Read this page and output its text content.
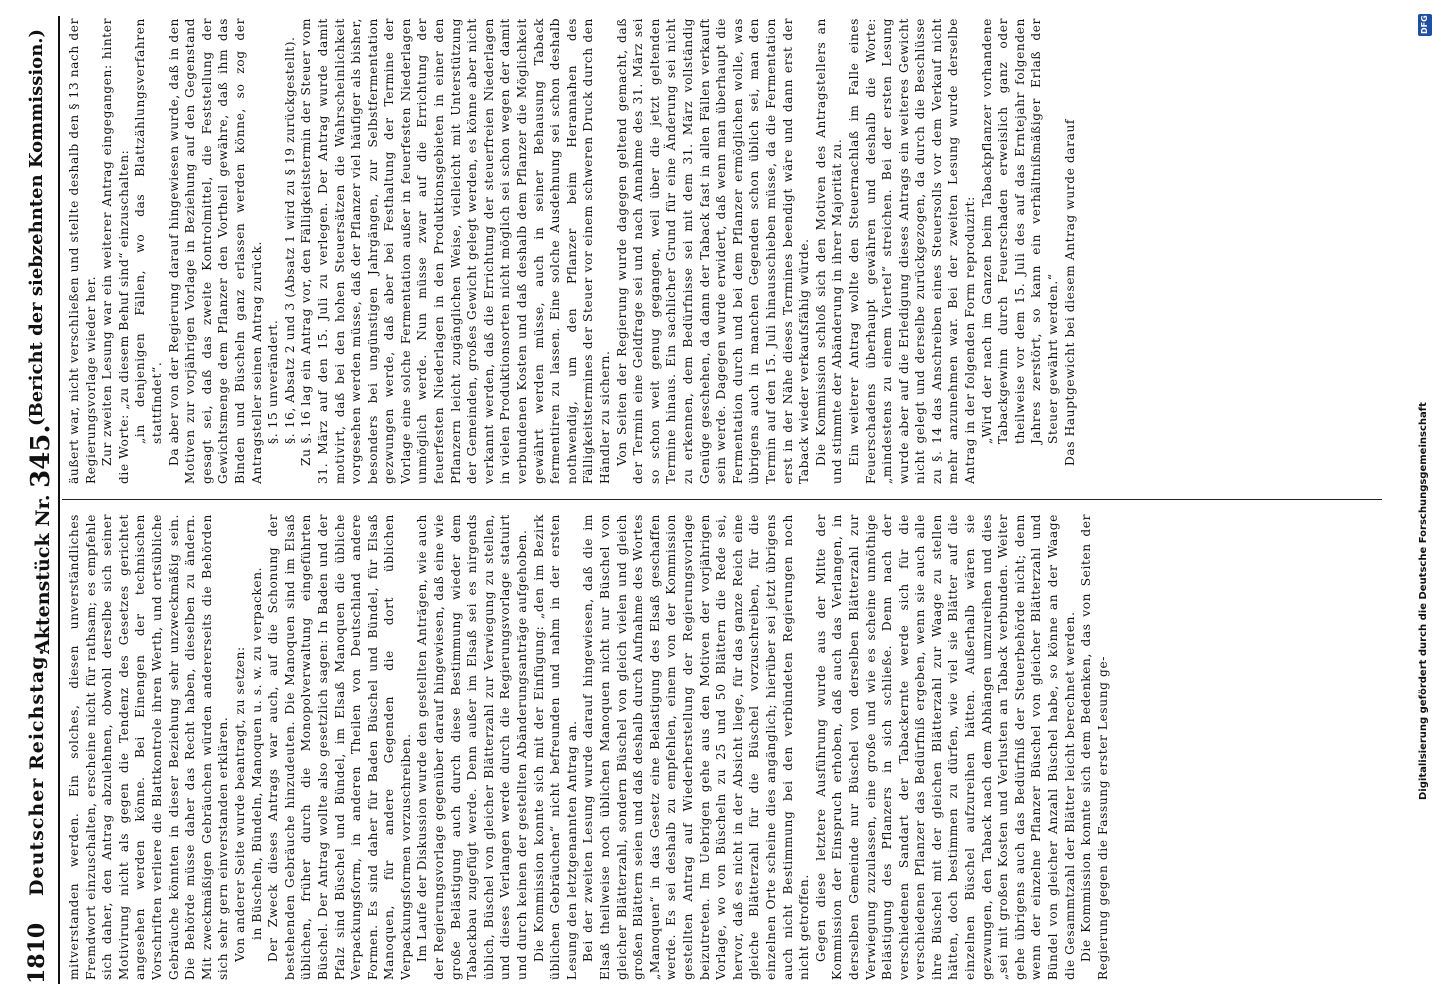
1810
Deutscher Reichstag.
Aktenstück Nr. 345.
(Bericht der siebzehnten Kommission.)

mitverstanden werden. Ein solches, diesen unverständliches Fremdwort einzuschalten, erscheine nicht für rathsam; es empfehle sich daher, den Antrag abzulehnen, obwohl derselbe sich seiner Motivirung nicht als gegen die Tendenz des Gesetzes gerichtet angesehen werden könne. Bei Einengen der technischen Vorschriften verliere die Blattkontrole ihren Werth, und ortsübliche Gebräuche könnten in dieser Beziehung sehr unzweckmäßig sein. Die Behörde müsse daher das Recht haben, dieselben zu ändern. Mit zweckmäßigen Gebräuchen würden andererseits die Behörden sich sehr gern einverstanden erklären. Von anderer Seite wurde beantragt, zu setzen: in Büscheln, Bündeln, Manoquen u. s. w. zu verpacken. Der Zweck dieses Antrags war auch, auf die Schonung der bestehenden Gebräuche hinzudeuten. Die Manoquen sind im Elsaß üblichen, früher durch die Monopolverwaltung eingeführten Büschel. Der Antrag wollte also gesetzlich sagen: In Baden und der Pfalz sind Büschel und Bündel, im Elsaß Manoquen die übliche Verpackungsform, in anderen Theilen von Deutschland andere Formen. Es sind daher für Baden Büschel und Bündel, für Elsaß Manoquen, für andere Gegenden die dort üblichen Verpackungsformen vorzuschreiben. Im Laufe der Diskussion wurde den gestellten Anträgen, wie auch der Regierungsvorlage gegenüber darauf hingewiesen, daß eine wie große Belästigung auch durch diese Bestimmung wieder dem Tabackbau zugefügt werde. Denn außer im Elsaß sei es nirgends üblich, Büschel von gleicher Blätterzahl zur Verwiegung zu stellen, und dieses Verlangen werde durch die Regierungsvorlage statuirt und durch keinen der gestellten Abänderungsanträge aufgehoben. Die Kommission konnte sich mit der Einfügung: „den im Bezirk üblichen Gebräuchen“ nicht befreunden und nahm in der ersten Lesung den letztgenannten Antrag an. Bei der zweiten Lesung wurde darauf hingewiesen, daß die im Elsaß theilweise noch üblichen Manoquen nicht nur Büschel von gleicher Blätterzahl, sondern Büschel von gleich vielen und gleich großen Blättern seien und daß deshalb durch Aufnahme des Wortes „Manoquen“ in das Gesetz eine Belastigung des Elsaß geschaffen werde. Es sei deshalb zu empfehlen, einem von der Kommission gestellten Antrag auf Wiederherstellung der Regierungsvorlage beizutreten. Im Uebrigen gehe aus den Motiven der vorjährigen Vorlage, wo von Büscheln zu 25 und 50 Blättern die Rede sei, hervor, daß es nicht in der Absicht liege, für das ganze Reich eine gleiche Blätterzahl für die Büschel vorzuschreiben, für die einzelnen Orte scheine dies angänglich; hierüber sei jetzt übrigens auch nicht Bestimmung bei den verbündeten Regierungen noch nicht getroffen. Gegen diese letztere Ausführung wurde aus der Mitte der Kommission der Einspruch erhoben, daß auch das Verlangen, in derselben Gemeinde nur Büschel von derselben Blätterzahl zur Verwiegung zuzulassen, eine große und wie es scheine unnöthige Belästigung des Pflanzers in sich schließe. Denn nach der verschiedenen Sandart der Tabackernte werde sich für die verschiedenen Pflanzer das Bedürfniß ergeben, wenn sie auch alle ihre Büschel mit der gleichen Blätterzahl zur Waage zu stellen hätten, doch bestimmen zu dürfen, wie viel sie Blätter auf die einzelnen Büschel aufzureihen hätten. Außerhalb wären sie gezwungen, den Taback nach dem Abhängen umzureihen und dies „sei mit großen Kosten und Verlusten an Taback verbunden. Weiter gehe übrigens auch das Bedürfniß der Steuerbehörde nicht; denn wenn der einzelne Pflanzer Büschel von gleicher Blätterzahl und Bündel von gleicher Anzahl Büschel habe, so könne an der Waage die Gesammtzahl der Blätter leicht berechnet werden. Die Kommission konnte sich dem Bedenken, das von Seiten der Regierung gegen die Fassung erster Lesung ge-

äußert war, nicht verschließen und stellte deshalb den § 13 nach der Regierungsvorlage wieder her. Zur zweiten Lesung war ein weiterer Antrag eingegangen: hinter die Worte: „zu diesem Behuf sind“ einzuschalten: „in denjenigen Fällen, wo das Blattzählungsverfahren stattfindet“. Da aber von der Regierung darauf hingewiesen wurde, daß in den Motiven zur vorjährigen Vorlage in Beziehung auf den Gegenstand gesagt sei, daß das zweite Kontrolmittel, die Feststellung der Gewichtsmenge dem Pflanzer den Vortheil gewähre, daß ihm das Binden und Büscheln ganz erlassen werden könne, so zog der Antragsteller seinen Antrag zurück. §. 15 unverändert. §. 16, Absatz 2 und 3 (Absatz 1 wird zu § 19 zurückgestellt). Zu §. 16 lag ein Antrag vor, den Fälligkeitstermin der Steuer vom 31. März auf den 15. Juli zu verlegen. Der Antrag wurde damit motivirt, daß bei den hohen Steuersätzen die Wahrscheinlichkeit vorgesehen werden müsse, daß der Pflanzer viel häufiger als bisher, besonders bei ungünstigen Jahrgängen, zur Selbstfermentation gezwungen werde, daß aber bei Festhaltung der Termine der Vorlage eine solche Fermentation außer in feuerfesten Niederlagen unmöglich werde. Nun müsse zwar auf die Errichtung der feuerfesten Niederlagen in den Produktionsgebieten in einer den Pflanzern leicht zugänglichen Weise, vielleicht mit Unterstützung der Gemeinden, großes Gewicht gelegt werden, es könne aber nicht verkannt werden, daß die Errichtung der steuerfreien Niederlagen in vielen Produktionsorten nicht möglich sei schon wegen der damit verbundenen Kosten und daß deshalb dem Pflanzer die Möglichkeit gewährt werden müsse, auch in seiner Behausung Taback fermentiren zu lassen. Eine solche Ausdehnung sei schon deshalb nothwendig, um den Pflanzer beim Herannahen des Fälligkeitstermines der Steuer vor einem schweren Druck durch den Händler zu sichern. Von Seiten der Regierung wurde dagegen geltend gemacht, daß der Termin eine Geldfrage sei und nach Annahme des 31. März sei so schon weit genug gegangen, weil über die jetzt geltenden Termine hinaus. Ein sachlicher Grund für eine Änderung sei nicht zu erkennen, dem Bedürfnisse sei mit dem 31. März vollständig Genüge geschehen, da dann der Taback fast in allen Fällen verkauft sein werde. Dagegen wurde erwidert, daß wenn man überhaupt die Fermentation durch und bei dem Pflanzer ermöglichen wolle, was übrigens auch in manchen Gegenden schon üblich sei, man den Termin auf den 15. Juli hinausschieben müsse, da die Fermentation erst in der Nähe dieses Termines beendigt wäre und dann erst der Taback wieder verkaufsfähig würde. Die Kommission schloß sich den Motiven des Antragstellers an und stimmte der Abänderung in ihrer Majorität zu. Ein weiterer Antrag wollte den Steuernachlaß im Falle eines Feuerschadens überhaupt gewähren und deshalb die Worte: „mindestens zu einem Viertel“ streichen. Bei der ersten Lesung wurde aber auf die Erledigung dieses Antrags ein weiteres Gewicht nicht gelegt und derselbe zurückgezogen, da durch die Beschlüsse zu §. 14 das Anschreiben eines Steuersolls vor dem Verkauf nicht mehr anzunehmen war. Bei der zweiten Lesung wurde derselbe Antrag in der folgenden Form reproduzirt: „Wird der nach im Ganzen beim Tabackpflanzer vorhandene Tabackgewinn durch Feuerschaden erweislich ganz oder theilweise vor dem 15. Juli des auf das Erntejahr folgenden Jahres zerstört, so kann ein verhältnißmäßiger Erlaß der Steuer gewährt werden.“ Das Hauptgewicht bei diesem Antrag wurde darauf

DFG
Digitalisierung gefördert durch die Deutsche Forschungsgemeinschaft
